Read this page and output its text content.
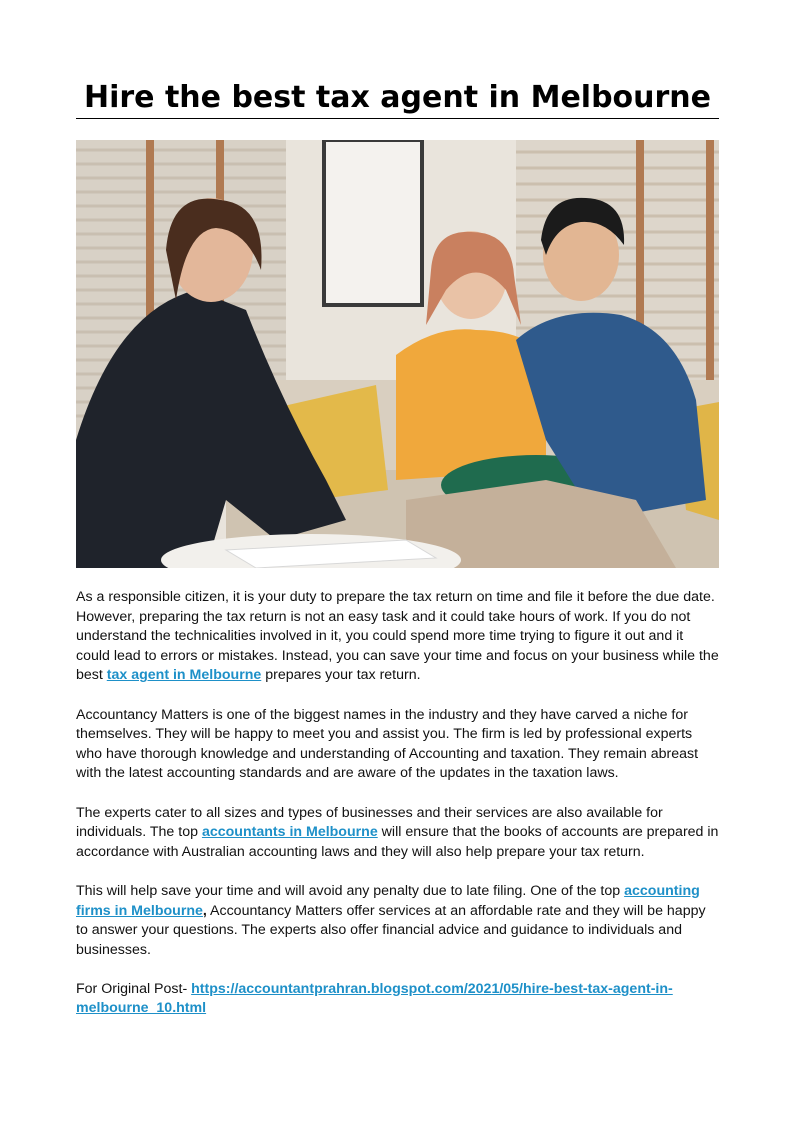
Hire the best tax agent in Melbourne

As a responsible citizen, it is your duty to prepare the tax return on time and file it before the due date. However, preparing the tax return is not an easy task and it could take hours of work. If you do not understand the technicalities involved in it, you could spend more time trying to figure it out and it could lead to errors or mistakes. Instead, you can save your time and focus on your business while the best tax agent in Melbourne prepares your tax return.

Accountancy Matters is one of the biggest names in the industry and they have carved a niche for themselves. They will be happy to meet you and assist you. The firm is led by professional experts who have thorough knowledge and understanding of Accounting and taxation. They remain abreast with the latest accounting standards and are aware of the updates in the taxation laws.

The experts cater to all sizes and types of businesses and their services are also available for individuals. The top accountants in Melbourne will ensure that the books of accounts are prepared in accordance with Australian accounting laws and they will also help prepare your tax return.

This will help save your time and will avoid any penalty due to late filing. One of the top accounting firms in Melbourne, Accountancy Matters offer services at an affordable rate and they will be happy to answer your questions. The experts also offer financial advice and guidance to individuals and businesses.

For Original Post- https://accountantprahran.blogspot.com/2021/05/hire-best-tax-agent-in-melbourne_10.html
